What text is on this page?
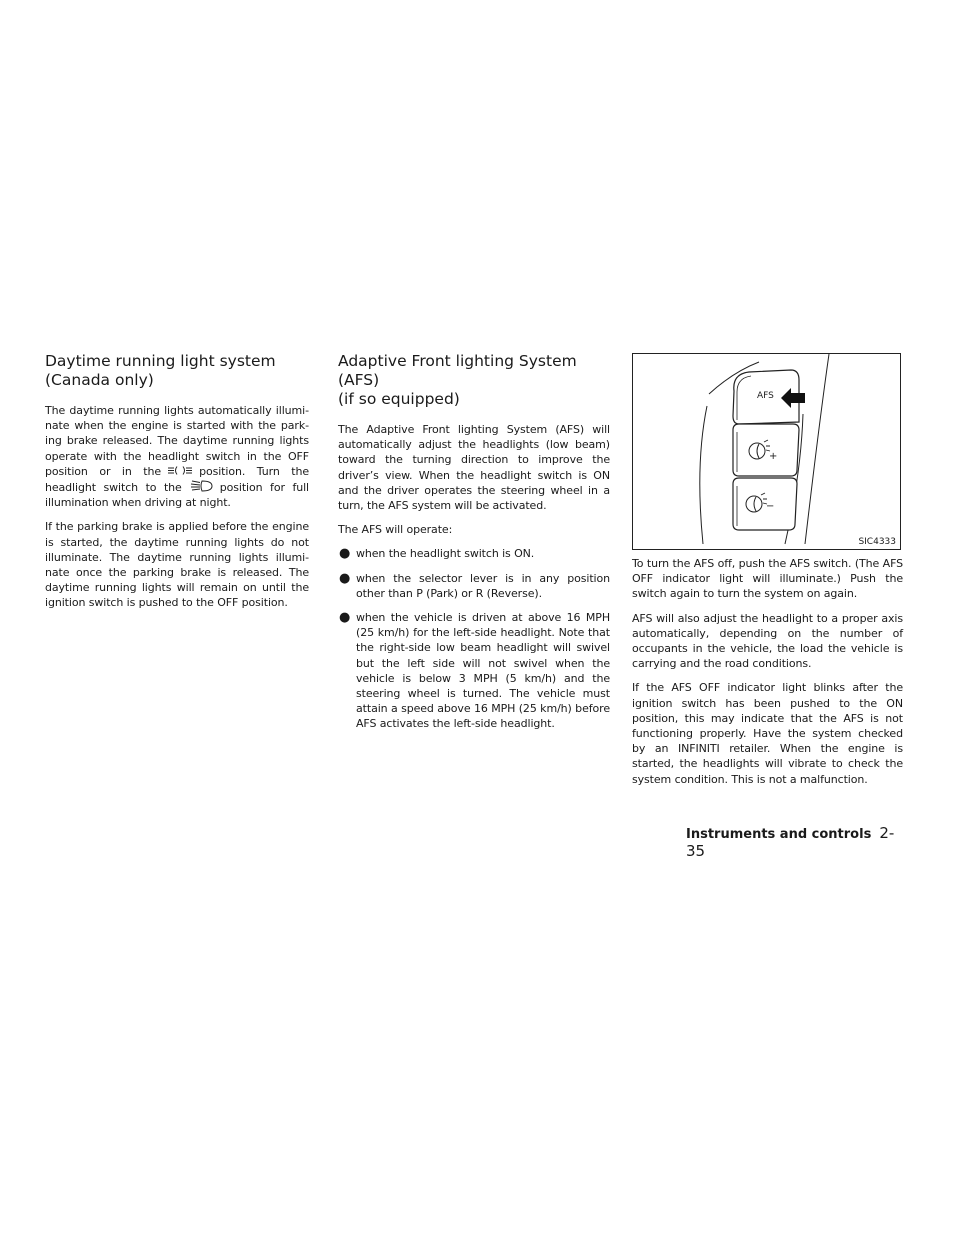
Daytime running light system
(Canada only)

The daytime running lights automatically illumi-nate when the engine is started with the park-ing brake released. The daytime running lights operate with the headlight switch in the OFF position or in the	position. Turn the headlight switch to the	position for full illumination when driving at night.

If the parking brake is applied before the engine is started, the daytime running lights do not illuminate. The daytime running lights illumi-nate once the parking brake is released. The daytime running lights will remain on until the ignition switch is pushed to the OFF position.

Adaptive Front lighting System (AFS)
(if so equipped)

The Adaptive Front lighting System (AFS) will automatically adjust the headlights (low beam) toward the turning direction to improve the driver’s view. When the headlight switch is ON and the driver operates the steering wheel in a turn, the AFS system will be activated.

The AFS will operate:

● when the headlight switch is ON.
● when the selector lever is in any position other than P (Park) or R (Reverse).
● when the vehicle is driven at above 16 MPH (25 km/h) for the left-side headlight. Note that the right-side low beam headlight will swivel but the left side will not swivel when the vehicle is below 3 MPH (5 km/h) and the steering wheel is turned. The vehicle must attain a speed above 16 MPH (25 km/h) before AFS activates the left-side headlight.
AFS
+
−
SIC4333

To turn the AFS off, push the AFS switch. (The AFS OFF indicator light will illuminate.) Push the switch again to turn the system on again.

AFS will also adjust the headlight to a proper axis automatically, depending on the number of occupants in the vehicle, the load the vehicle is carrying and the road conditions.

If the AFS OFF indicator light blinks after the ignition switch has been pushed to the ON position, this may indicate that the AFS is not functioning properly. Have the system checked by an INFINITI retailer. When the engine is started, the headlights will vibrate to check the system condition. This is not a malfunction.

Instruments and controls 2-35
